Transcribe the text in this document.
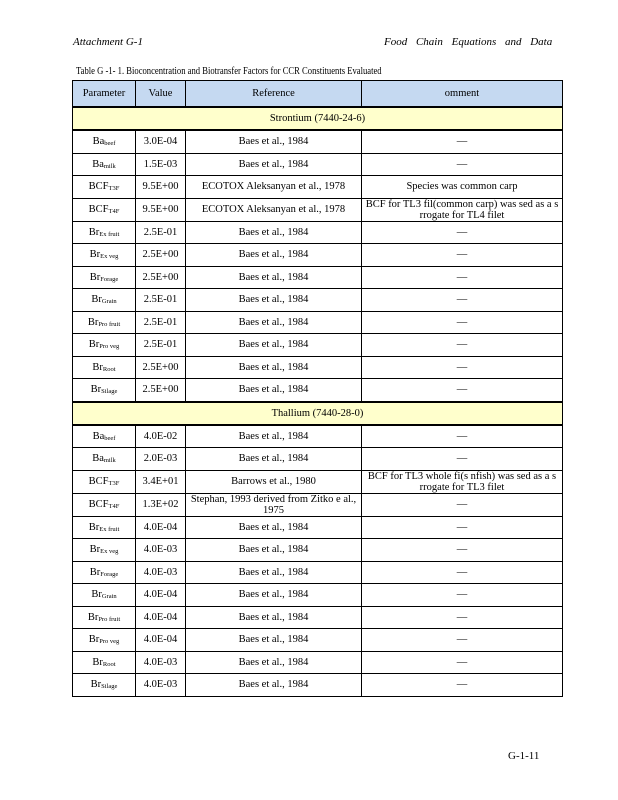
Attachment G-1	Food Chain Equations and Data
Table G -1- 1. Bioconcentration and Biotransfer Factors for CCR Constituents Evaluated
Parameter	Value	Reference	omment
Strontium (7440-24-6)			
Babeef	3.0E-04	Baes et al., 1984	—
Bamilk	1.5E-03	Baes et al., 1984	—
BCFT3F	9.5E+00	ECOTOX Aleksanyan et al., 1978	Species was common carp
BCFT4F	9.5E+00	ECOTOX Aleksanyan et al., 1978	BCF for TL3 fil(common carp) was sed as a s rrogate for TL4 filet
BrEx fruit	2.5E-01	Baes et al., 1984	—
BrEx veg	2.5E+00	Baes et al., 1984	—
BrForage	2.5E+00	Baes et al., 1984	—
BrGrain	2.5E-01	Baes et al., 1984	—
BrPro fruit	2.5E-01	Baes et al., 1984	—
BrPro veg	2.5E-01	Baes et al., 1984	—
BrRoot	2.5E+00	Baes et al., 1984	—
BrSilage	2.5E+00	Baes et al., 1984	—
Thallium (7440-28-0)			
Babeef	4.0E-02	Baes et al., 1984	—
Bamilk	2.0E-03	Baes et al., 1984	—
BCFT3F	3.4E+01	Barrows et al., 1980	BCF for TL3 whole fi(s nfish) was sed as a s rrogate for TL3 filet
BCFT4F	1.3E+02	Stephan, 1993 derived from Zitko e al., 1975	—
BrEx fruit	4.0E-04	Baes et al., 1984	—
BrEx veg	4.0E-03	Baes et al., 1984	—
BrForage	4.0E-03	Baes et al., 1984	—
BrGrain	4.0E-04	Baes et al., 1984	—
BrPro fruit	4.0E-04	Baes et al., 1984	—
BrPro veg	4.0E-04	Baes et al., 1984	—
BrRoot	4.0E-03	Baes et al., 1984	—
BrSilage	4.0E-03	Baes et al., 1984	—
G-1-11
